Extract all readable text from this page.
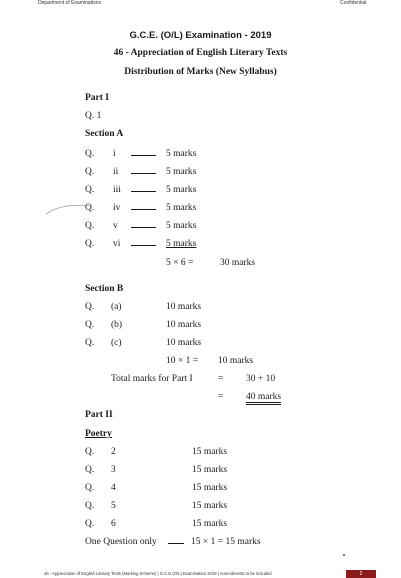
Department of Examinations	Confidential
G.C.E. (O/L) Examination - 2019
46 - Appreciation of English Literary Texts
Distribution of Marks (New Syllabus)
Part I
Q. 1
Section A
Q. i	5 marks
Q. ii	5 marks
Q. iii	5 marks
Q. iv	5 marks
Q. v	5 marks
Q. vi	5 marks
5 × 6 =	30 marks
Section B
Q. (a)	10 marks
Q. (b)	10 marks
Q. (c)	10 marks
10 × 1 = 10 marks
Total marks for Part I	= 30 + 10
= 40 marks
Part II
Poetry
Q. 2	15 marks
Q. 3	15 marks
Q. 4	15 marks
Q. 5	15 marks
Q. 6	15 marks
One Question only	15 × 1 = 15 marks
46 - Appreciation of English Literary Texts (Marking Scheme) | G.C.E.(O/L) Examination 2019 | Amendments to be included	2
